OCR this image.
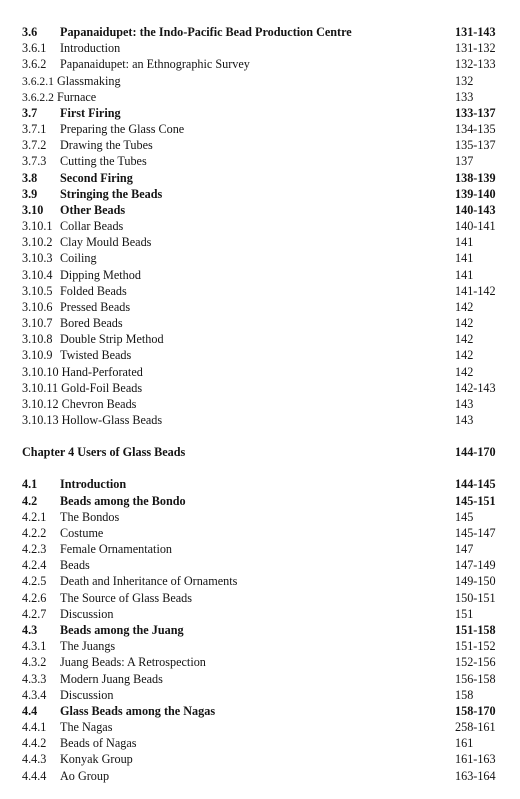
3.6 Papanaidupet: the Indo-Pacific Bead Production Centre	131-143
3.6.1 Introduction	131-132
3.6.2 Papanaidupet: an Ethnographic Survey	132-133
3.6.2.1 Glassmaking	132
3.6.2.2 Furnace	133
3.7 First Firing	133-137
3.7.1 Preparing the Glass Cone	134-135
3.7.2 Drawing the Tubes	135-137
3.7.3 Cutting the Tubes	137
3.8 Second Firing	138-139
3.9 Stringing the Beads	139-140
3.10 Other Beads	140-143
3.10.1 Collar Beads	140-141
3.10.2 Clay Mould Beads	141
3.10.3 Coiling	141
3.10.4 Dipping Method	141
3.10.5 Folded Beads	141-142
3.10.6 Pressed Beads	142
3.10.7 Bored Beads	142
3.10.8 Double Strip Method	142
3.10.9 Twisted Beads	142
3.10.10 Hand-Perforated	142
3.10.11 Gold-Foil Beads	142-143
3.10.12 Chevron Beads	143
3.10.13 Hollow-Glass Beads	143
Chapter 4 Users of Glass Beads	144-170
4.1 Introduction	144-145
4.2 Beads among the Bondo	145-151
4.2.1 The Bondos	145
4.2.2 Costume	145-147
4.2.3 Female Ornamentation	147
4.2.4 Beads	147-149
4.2.5 Death and Inheritance of Ornaments	149-150
4.2.6 The Source of Glass Beads	150-151
4.2.7 Discussion	151
4.3 Beads among the Juang	151-158
4.3.1 The Juangs	151-152
4.3.2 Juang Beads: A Retrospection	152-156
4.3.3 Modern Juang Beads	156-158
4.3.4 Discussion	158
4.4 Glass Beads among the Nagas	158-170
4.4.1 The Nagas	258-161
4.4.2 Beads of Nagas	161
4.4.3 Konyak Group	161-163
4.4.4 Ao Group	163-164
